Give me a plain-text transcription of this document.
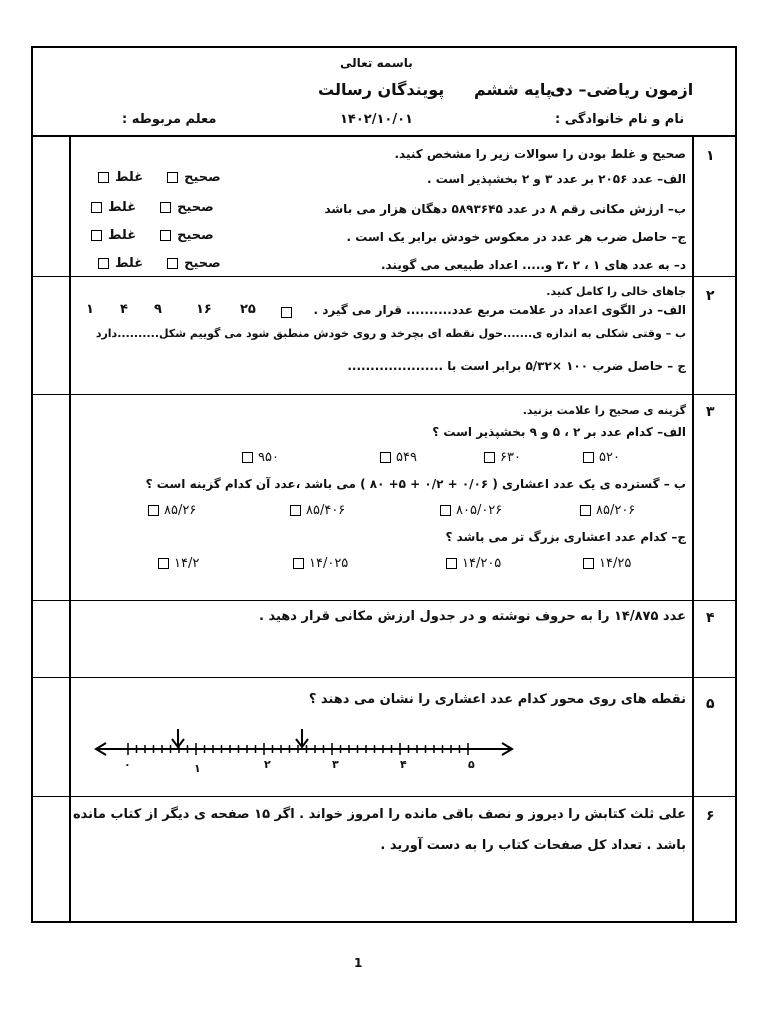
باسمه تعالی
ازمون ریاضی– دی
– پایه ششم
پویندگان رسالت
نام و نام خانوادگی :
۱۴۰۲/۱۰/۰۱
معلم مربوطه :
۱
صحیح و غلط بودن را سوالات زیر را مشخص کنید.
الف– عدد ۲۰۵۶ بر عدد ۳ و ۲ بخشپذیر است .
ب– ارزش مکانی رقم ۸ در عدد ۵۸۹۳۶۴۵ دهگان هزار می باشد
ج– حاصل ضرب هر عدد در معکوس خودش برابر یک است .
د– به عدد های ۱ ، ۲ ،۳ و..... اعداد طبیعی می گویند.
صحیح
غلط
صحیح
غلط
صحیح
غلط
صحیح
غلط
۲
جاهای خالی را کامل کنید.
الف– در الگوی اعداد در علامت مربع عدد.......... قرار می گیرد .
۲۵
۱۶
۹
۴
۱
ب – وقتی شکلی به اندازه ی.......حول نقطه ای بچرخد و روی خودش منطبق شود می گوییم شکل..........دارد
ج – حاصل ضرب ۱۰۰ ×۵/۳۲ برابر است با .....................
۳
گزینه ی صحیح را علامت بزنید.
الف– کدام عدد بر ۲ ، ۵ و ۹ بخشپذیر است ؟
۵۲۰
۶۳۰
۵۴۹
۹۵۰
ب – گسترده ی یک عدد اعشاری ( ۰/۰۶ + ۰/۲ + ۵+ ۸۰ ) می باشد ،عدد آن کدام گزینه است ؟
۸۵/۲۰۶
۸۰۵/۰۲۶
۸۵/۴۰۶
۸۵/۲۶
ج– کدام عدد اعشاری بزرگ تر می باشد ؟
۱۴/۲۵
۱۴/۲۰۵
۱۴/۰۲۵
۱۴/۲
۴
عدد ۱۴/۸۷۵ را به حروف نوشته و در جدول ارزش مکانی قرار دهید .
۵
نقطه های روی محور کدام عدد اعشاری را نشان می دهند ؟
۰	۱	۲	۳	۴	۵
۶
علی ثلث کتابش را دیروز و نصف باقی مانده را امروز خواند . اگر ۱۵ صفحه ی دیگر از کتاب مانده
باشد . تعداد کل صفحات کتاب را به دست آورید .
1
